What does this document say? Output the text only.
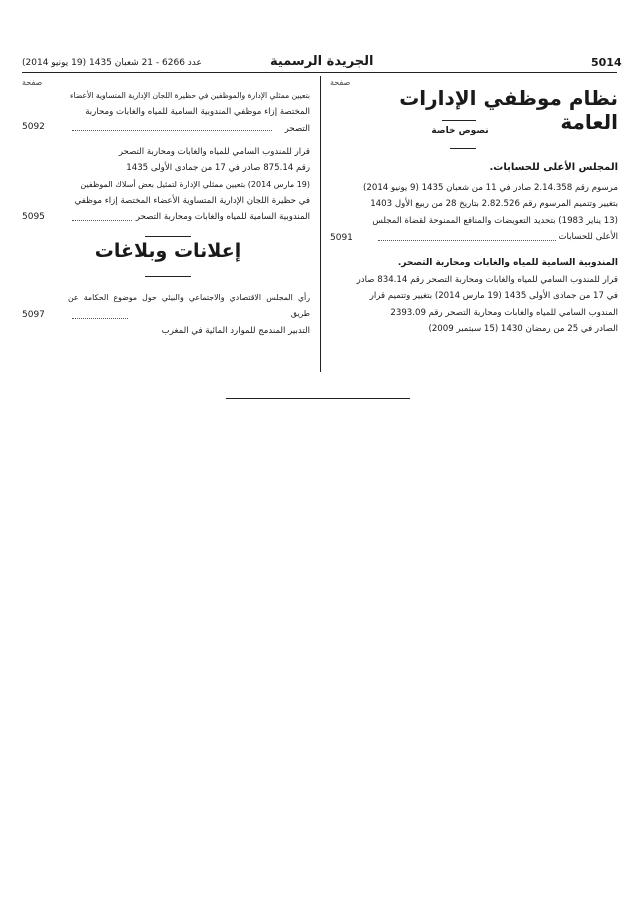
5014
الجريدة الرسمية
عدد 6266 - 21 شعبان 1435 (19 يونيو 2014)
صفحة
نظام موظفي الإدارات العامة
نصوص خاصة
المجلس الأعلى للحسابات.
مرسوم رقم 2.14.358 صادر في 11 من شعبان 1435 (9 يونيو 2014)
بتغيير وتتميم المرسوم رقم 2.82.526 بتاريخ 28 من ربيع الأول 1403
(13 يناير 1983) بتحديد التعويضات والمنافع الممنوحة لقضاة المجلس
الأعلى للحسابات
5091
المندوبية السامية للمياه والغابات ومحاربة التصحر.
قرار للمندوب السامي للمياه والغابات ومحاربة التصحر رقم 834.14 صادر
في 17 من جمادى الأولى 1435 (19 مارس 2014) بتغيير وتتميم قرار
المندوب السامي للمياه والغابات ومحاربة التصحر رقم 2393.09
الصادر في 25 من رمضان 1430 (15 سبتمبر 2009)
صفحة
بتعيين ممثلي الإدارة والموظفين في حظيرة اللجان الإدارية المتساوية الأعضاء
المختصة إزاء موظفي المندوبية السامية للمياه والغابات ومحاربة
التصحر
5092
قرار للمندوب السامي للمياه والغابات ومحاربة التصحر
رقم 875.14 صادر في 17 من جمادى الأولى 1435
(19 مارس 2014) بتعيين ممثلي الإدارة لتمثيل بعض أسلاك الموظفين
في حظيرة اللجان الإدارية المتساوية الأعضاء المختصة إزاء موظفي
المندوبية السامية للمياه والغابات ومحاربة التصحر
5095
إعلانات وبلاغات
رأي المجلس الاقتصادي والاجتماعي والبيئي حول موضوع الحكامة عن طريق
التدبير المندمج للموارد المائية في المغرب
5097
